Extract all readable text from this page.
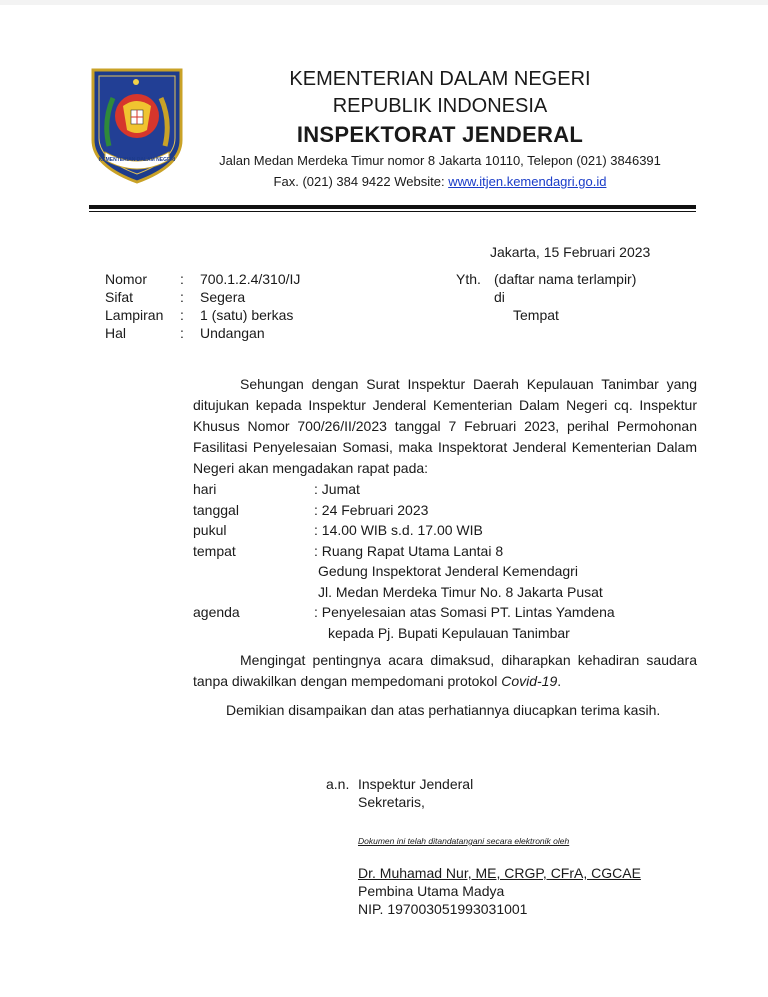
KEMENTERIAN DALAM NEGERI
KEMENTERIAN DALAM NEGERI
REPUBLIK INDONESIA
INSPEKTORAT JENDERAL
Jalan Medan Merdeka Timur nomor 8 Jakarta 10110, Telepon (021) 3846391
Fax. (021) 384 9422 Website: www.itjen.kemendagri.go.id
Jakarta, 15 Februari 2023
Nomor	:	700.1.2.4/310/IJ
Sifat	:	Segera
Lampiran	:	1 (satu) berkas
Hal	:	Undangan
Yth. (daftar nama terlampir)
di
Tempat
Sehungan dengan Surat Inspektur Daerah Kepulauan Tanimbar yang ditujukan kepada Inspektur Jenderal Kementerian Dalam Negeri cq. Inspektur Khusus Nomor 700/26/II/2023 tanggal 7 Februari 2023, perihal Permohonan Fasilitasi Penyelesaian Somasi, maka Inspektorat Jenderal Kementerian Dalam Negeri akan mengadakan rapat pada:
hari	: Jumat
tanggal	: 24 Februari 2023
pukul	: 14.00 WIB s.d. 17.00 WIB
tempat	: Ruang Rapat Utama Lantai 8
Gedung Inspektorat Jenderal Kemendagri
Jl. Medan Merdeka Timur No. 8 Jakarta Pusat
agenda	: Penyelesaian atas Somasi PT. Lintas Yamdena
kepada Pj. Bupati Kepulauan Tanimbar
Mengingat pentingnya acara dimaksud, diharapkan kehadiran saudara tanpa diwakilkan dengan mempedomani protokol Covid-19.
Demikian disampaikan dan atas perhatiannya diucapkan terima kasih.
a.n. Inspektur Jenderal
Sekretaris,
Dokumen ini telah ditandatangani secara elektronik oleh
Dr. Muhamad Nur, ME, CRGP, CFrA, CGCAE
Pembina Utama Madya
NIP. 197003051993031001
